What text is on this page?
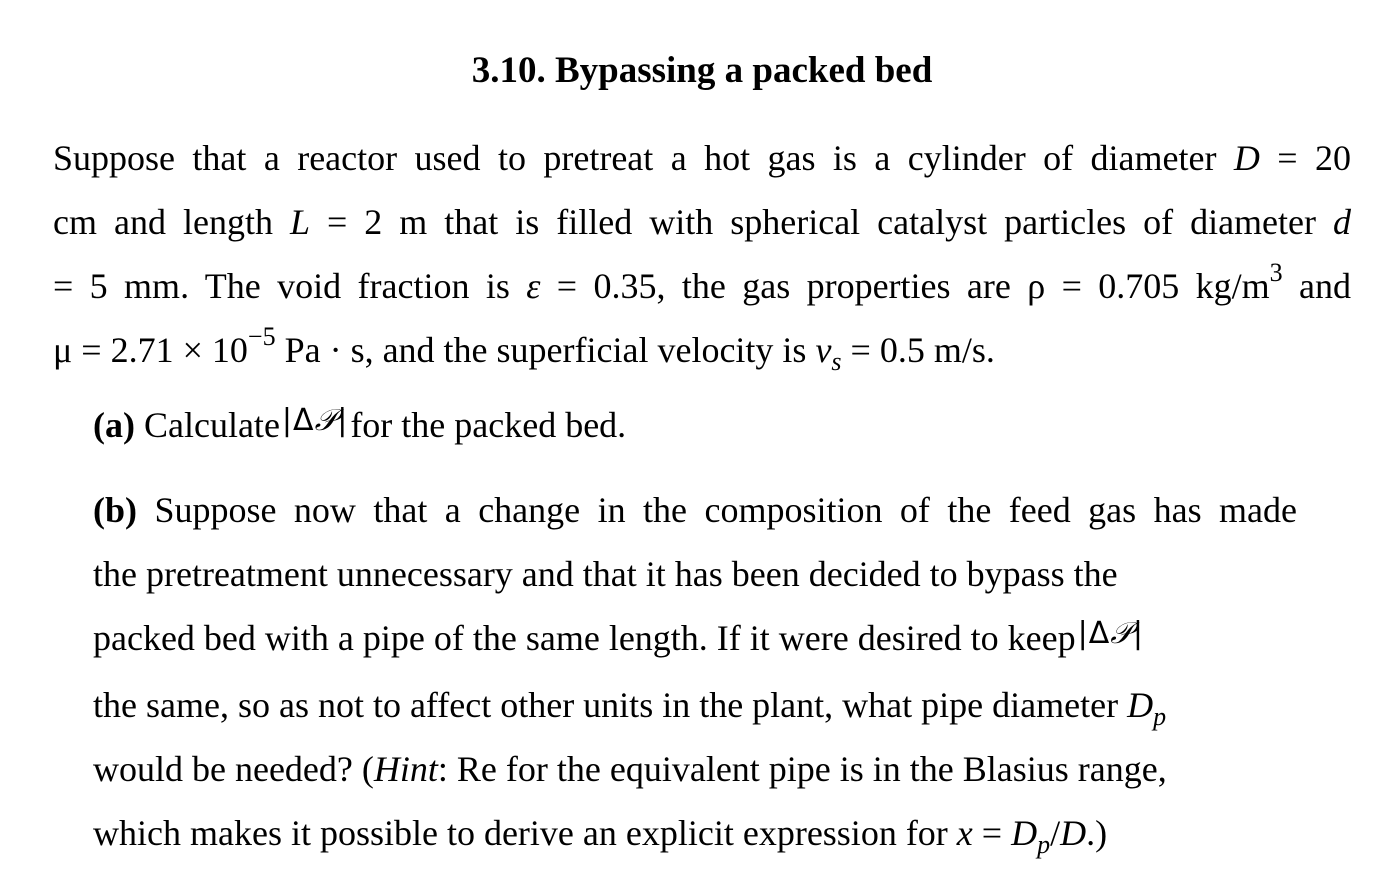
3.10. Bypassing a packed bed
Suppose that a reactor used to pretreat a hot gas is a cylinder of diameter D = 20
cm and length L = 2 m that is filled with spherical catalyst particles of diameter d
= 5 mm. The void fraction is ε = 0.35, the gas properties are ρ = 0.705 $kg/m^3$ and
$\mu = 2.71 \times 10^{-5}$ Pa · s, and the superficial velocity is $v_s = 0.5$ m/s.
(a) Calculate|Δ𝒫|for the packed bed.
(b) Suppose now that a change in the composition of the feed gas has made
the pretreatment unnecessary and that it has been decided to bypass the
packed bed with a pipe of the same length. If it were desired to keep|Δ𝒫|
the same, so as not to affect other units in the plant, what pipe diameter $D_p$
would be needed? (Hint: Re for the equivalent pipe is in the Blasius range,
which makes it possible to derive an explicit expression for $x = D_p/D$.)
